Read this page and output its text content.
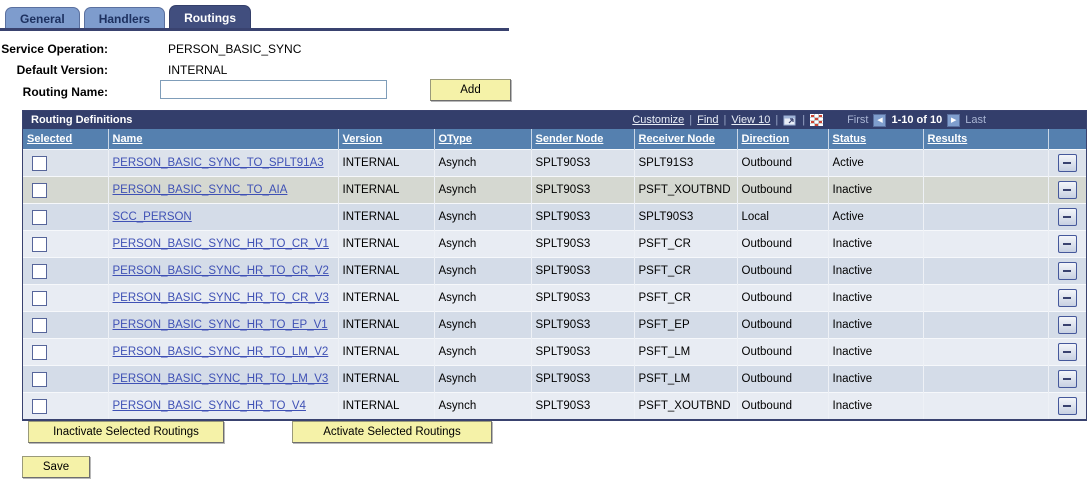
General	Handlers	Routings
Service Operation:	PERSON_BASIC_SYNC
Default Version:	INTERNAL
Routing Name:	Add
Routing Definitions	Customize | Find | View 10 | |	First	◀ 1-10 of 10	▶ Last
Selected	Name	Version	OType	Sender Node	Receiver Node	Direction	Status	Results	

	PERSON_BASIC_SYNC_TO_SPLT91A3	INTERNAL	Asynch	SPLT90S3	SPLT91S3	Outbound	Active		

	PERSON_BASIC_SYNC_TO_AIA	INTERNAL	Asynch	SPLT90S3	PSFT_XOUTBND	Outbound	Inactive		

	SCC_PERSON	INTERNAL	Asynch	SPLT90S3	SPLT90S3	Local	Active		

	PERSON_BASIC_SYNC_HR_TO_CR_V1	INTERNAL	Asynch	SPLT90S3	PSFT_CR	Outbound	Inactive		

	PERSON_BASIC_SYNC_HR_TO_CR_V2	INTERNAL	Asynch	SPLT90S3	PSFT_CR	Outbound	Inactive		

	PERSON_BASIC_SYNC_HR_TO_CR_V3	INTERNAL	Asynch	SPLT90S3	PSFT_CR	Outbound	Inactive		

	PERSON_BASIC_SYNC_HR_TO_EP_V1	INTERNAL	Asynch	SPLT90S3	PSFT_EP	Outbound	Inactive		

	PERSON_BASIC_SYNC_HR_TO_LM_V2	INTERNAL	Asynch	SPLT90S3	PSFT_LM	Outbound	Inactive		

	PERSON_BASIC_SYNC_HR_TO_LM_V3	INTERNAL	Asynch	SPLT90S3	PSFT_LM	Outbound	Inactive		

	PERSON_BASIC_SYNC_HR_TO_V4	INTERNAL	Asynch	SPLT90S3	PSFT_XOUTBND	Outbound	Inactive		
Inactivate Selected Routings	Activate Selected Routings
Save
